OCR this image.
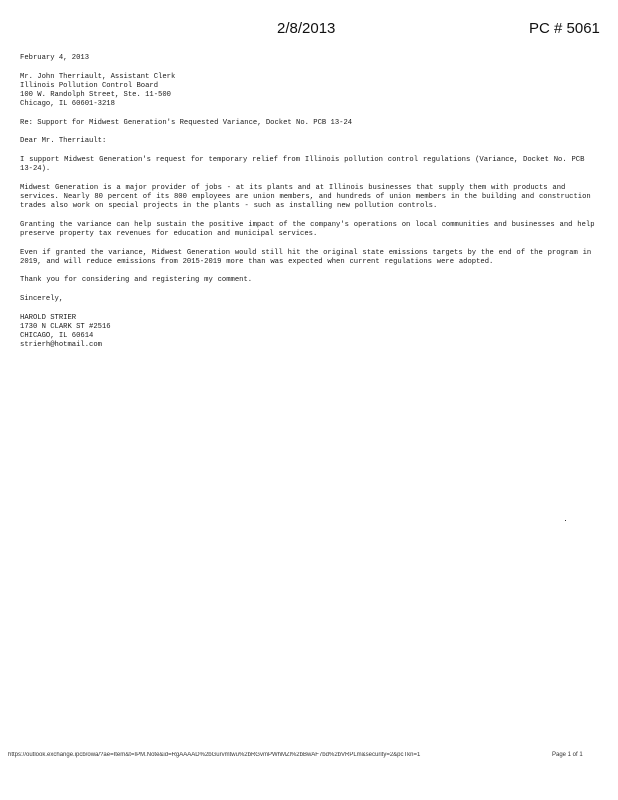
2/8/2013	PC # 5061
February 4, 2013
Mr. John Therriault, Assistant Clerk
Illinois Pollution Control Board
100 W. Randolph Street, Ste. 11-500
Chicago, IL 60601-3218
Re: Support for Midwest Generation's Requested Variance, Docket No. PCB 13-24
Dear Mr. Therriault:
I support Midwest Generation's request for temporary relief from Illinois pollution control regulations (Variance, Docket No. PCB 13-24).
Midwest Generation is a major provider of jobs - at its plants and at Illinois businesses that supply them with products and services. Nearly 80 percent of its 800 employees are union members, and hundreds of union members in the building and construction trades also work on special projects in the plants - such as installing new pollution controls.
Granting the variance can help sustain the positive impact of the company's operations on local communities and businesses and help preserve property tax revenues for education and municipal services.
Even if granted the variance, Midwest Generation would still hit the original state emissions targets by the end of the program in 2019, and will reduce emissions from 2015-2019 more than was expected when current regulations were adopted.
Thank you for considering and registering my comment.
Sincerely,
HAROLD STRIER
1730 N CLARK ST #2516
CHICAGO, IL 60614
strierh@hotmail.com
https://outlook.exchange.ipcb/owa/?ae=Item&t=IPM.Note&id=RgAAAAD%2bGurvmtwu%2bRGvmPWhMZl%2bBwAF7bd%2bVRPLm&security=2&pcTkn=1	Page 1 of 1
